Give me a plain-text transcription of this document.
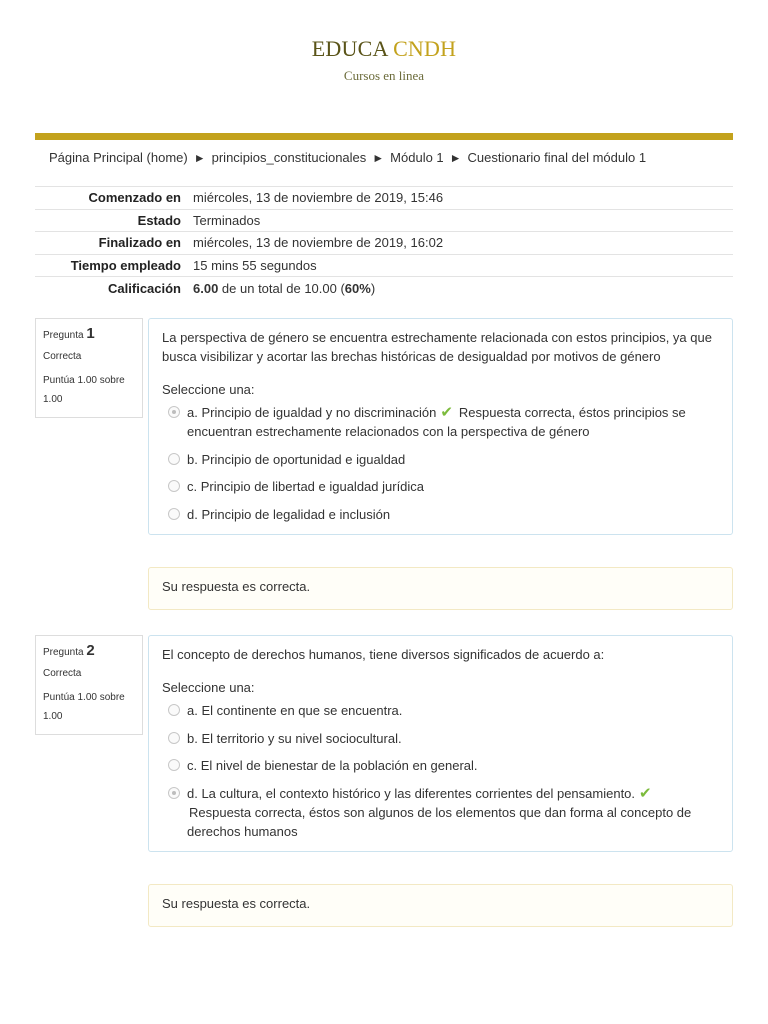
EDUCA CNDH
Cursos en linea
Página Principal (home) ► principios_constitucionales ► Módulo 1 ► Cuestionario final del módulo 1
Comenzado en	miércoles, 13 de noviembre de 2019, 15:46
Estado	Terminados
Finalizado en	miércoles, 13 de noviembre de 2019, 16:02
Tiempo empleado	15 mins 55 segundos
Calificación	6.00 de un total de 10.00 (60%)
Pregunta 1
Correcta
Puntúa 1.00 sobre 1.00
La perspectiva de género se encuentra estrechamente relacionada con estos principios, ya que busca visibilizar y acortar las brechas históricas de desigualdad por motivos de género
Seleccione una:
a. Principio de igualdad y no discriminación ✔ Respuesta correcta, éstos principios se encuentran estrechamente relacionados con la perspectiva de género
b. Principio de oportunidad e igualdad
c. Principio de libertad e igualdad jurídica
d. Principio de legalidad e inclusión
Su respuesta es correcta.
Pregunta 2
Correcta
Puntúa 1.00 sobre 1.00
El concepto de derechos humanos, tiene diversos significados de acuerdo a:
Seleccione una:
a. El continente en que se encuentra.
b. El territorio y su nivel sociocultural.
c. El nivel de bienestar de la población en general.
d. La cultura, el contexto histórico y las diferentes corrientes del pensamiento. ✔Respuesta correcta, éstos son algunos de los elementos que dan forma al concepto de derechos humanos
Su respuesta es correcta.
